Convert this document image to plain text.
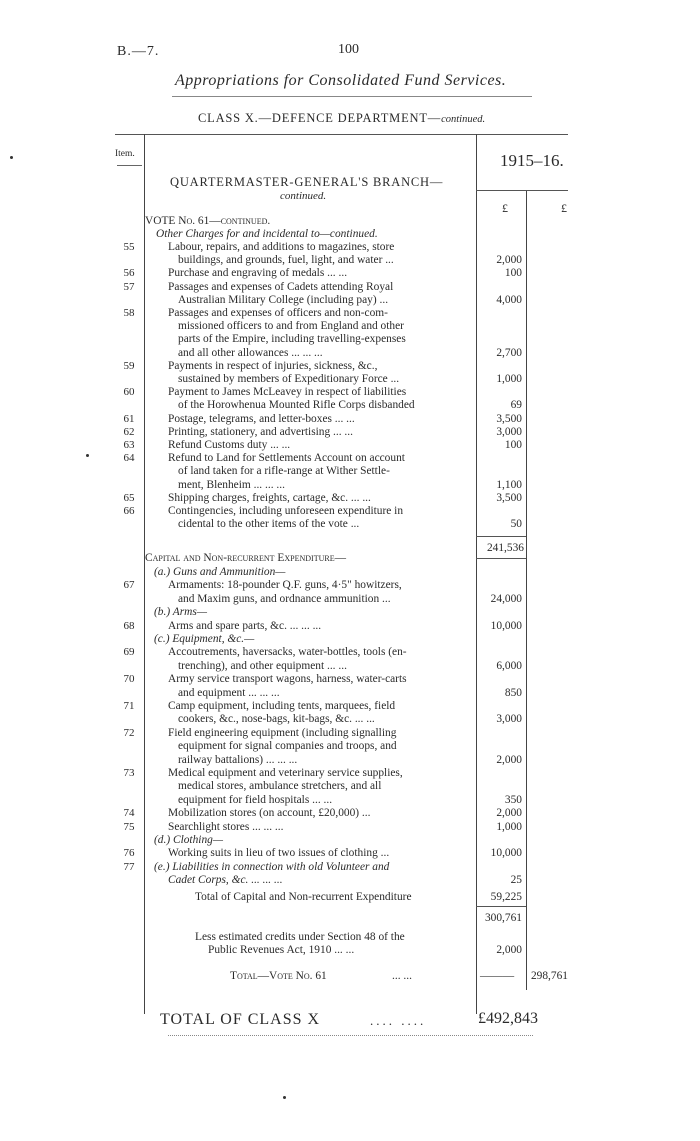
B.—7.	100
Appropriations for Consolidated Fund Services.
CLASS X.—DEFENCE DEPARTMENT—continued.
Item.	1915–16.
QUARTERMASTER-GENERAL'S BRANCH—
continued.
£	£
VOTE No. 61—continued.
Other Charges for and incidental to—continued.
55	Labour, repairs, and additions to magazines, store
buildings, and grounds, fuel, light, and water ...	2,000
56	Purchase and engraving of medals ... ...	100
57	Passages and expenses of Cadets attending Royal
Australian Military College (including pay) ...	4,000
58	Passages and expenses of officers and non-com-
missioned officers to and from England and other
parts of the Empire, including travelling-expenses
and all other allowances ... ... ...	2,700
59	Payments in respect of injuries, sickness, &c.,
sustained by members of Expeditionary Force ...	1,000
60	Payment to James McLeavey in respect of liabilities
of the Horowhenua Mounted Rifle Corps disbanded	69
61	Postage, telegrams, and letter-boxes ... ...	3,500
62	Printing, stationery, and advertising ... ...	3,000
63	Refund Customs duty ... ...	100
64	Refund to Land for Settlements Account on account
of land taken for a rifle-range at Wither Settle-
ment, Blenheim ... ... ...	1,100
65	Shipping charges, freights, cartage, &c. ... ...	3,500
66	Contingencies, including unforeseen expenditure in
cidental to the other items of the vote ...	50
241,536
Capital and Non-recurrent Expenditure—
(a.) Guns and Ammunition—
67	Armaments: 18-pounder Q.F. guns, 4·5" howitzers,
and Maxim guns, and ordnance ammunition ...	24,000
(b.) Arms—
68	Arms and spare parts, &c. ... ... ...	10,000
(c.) Equipment, &c.—
69	Accoutrements, haversacks, water-bottles, tools (en-
trenching), and other equipment ... ...	6,000
70	Army service transport wagons, harness, water-carts
and equipment ... ... ...	850
71	Camp equipment, including tents, marquees, field
cookers, &c., nose-bags, kit-bags, &c. ... ...	3,000
72	Field engineering equipment (including signalling
equipment for signal companies and troops, and
railway battalions) ... ... ...	2,000
73	Medical equipment and veterinary service supplies,
medical stores, ambulance stretchers, and all
equipment for field hospitals ... ...	350
74	Mobilization stores (on account, £20,000) ...	2,000
75	Searchlight stores ... ... ...	1,000
(d.) Clothing—
76	Working suits in lieu of two issues of clothing ...	10,000
77	(e.) Liabilities in connection with old Volunteer and
Cadet Corps, &c. ... ... ...	25
Total of Capital and Non-recurrent Expenditure	59,225
300,761
Less estimated credits under Section 48 of the
Public Revenues Act, 1910 ... ...	2,000
Total—Vote No. 61	... ...	——— 298,761
TOTAL OF CLASS X	.... ....	£492,843
